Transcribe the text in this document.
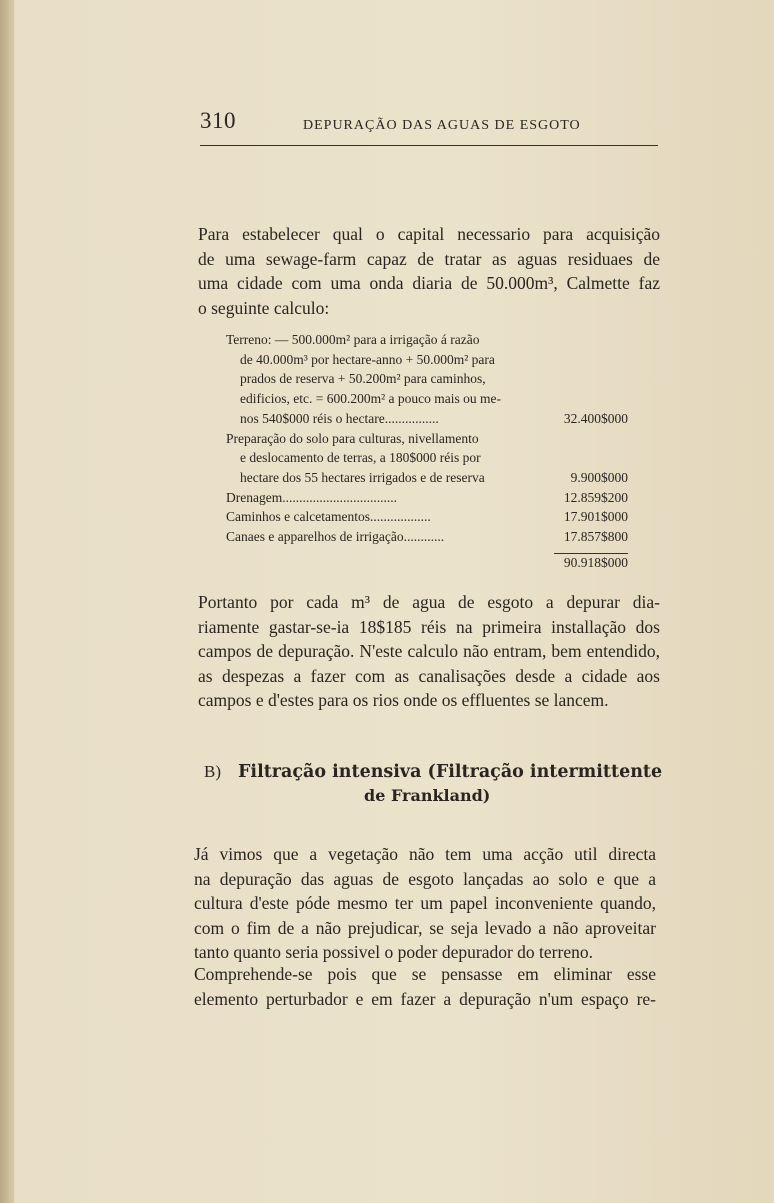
310	DEPURAÇÃO DAS AGUAS DE ESGOTO
Para estabelecer qual o capital necessario para acquisição
de uma sewage-farm capaz de tratar as aguas residuaes de
uma cidade com uma onda diaria de 50.000m³, Calmette faz
o seguinte calculo:
Terreno: — 500.000m² para a irrigação á razão
de 40.000m³ por hectare-anno + 50.000m² para
prados de reserva + 50.200m² para caminhos,
edificios, etc. = 600.200m² a pouco mais ou me-
nos 540$000 réis o hectare................	32.400$000
Preparação do solo para culturas, nivellamento
e deslocamento de terras, a 180$000 réis por
hectare dos 55 hectares irrigados e de reserva	9.900$000
Drenagem..................................	12.859$200
Caminhos e calcetamentos..................	17.901$000
Canaes e apparelhos de irrigação............	17.857$800
90.918$000
Portanto por cada m³ de agua de esgoto a depurar dia-
riamente gastar-se-ia 18$185 réis na primeira installação dos
campos de depuração. N'este calculo não entram, bem entendido,
as despezas a fazer com as canalisações desde a cidade aos
campos e d'estes para os rios onde os effluentes se lancem.
B) Filtração intensiva (Filtração intermittente
de Frankland)
Já vimos que a vegetação não tem uma acção util directa
na depuração das aguas de esgoto lançadas ao solo e que a
cultura d'este póde mesmo ter um papel inconveniente quando,
com o fim de a não prejudicar, se seja levado a não aproveitar
tanto quanto seria possivel o poder depurador do terreno.
Comprehende-se pois que se pensasse em eliminar esse
elemento perturbador e em fazer a depuração n'um espaço re-
